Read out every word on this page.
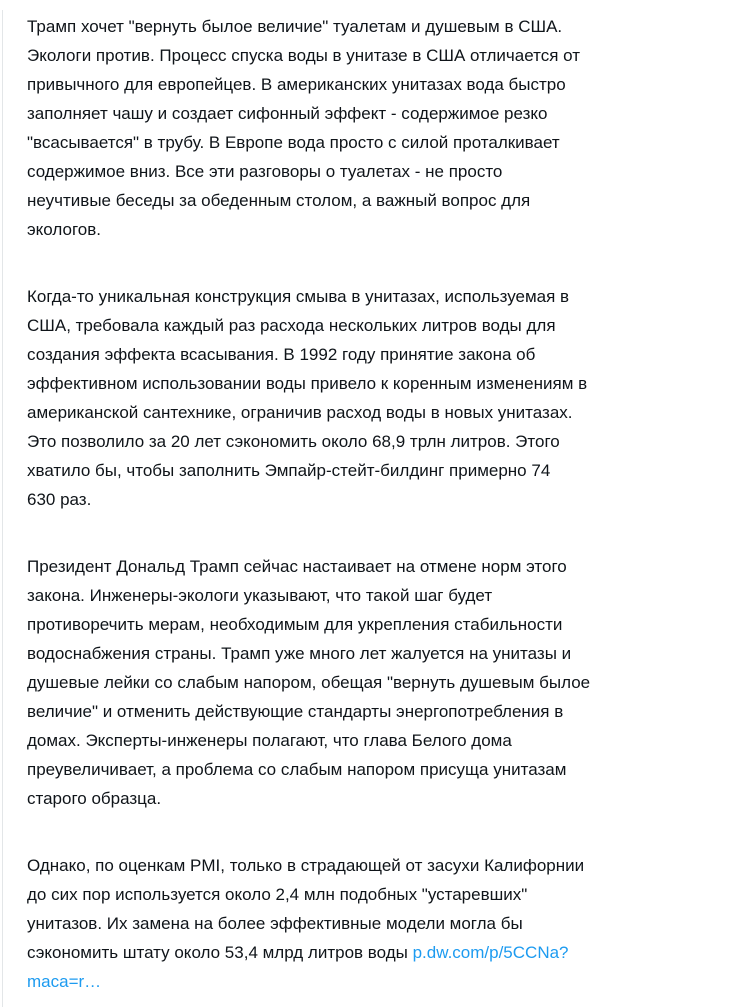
Трамп хочет "вернуть былое величие" туалетам и душевым в США.
Экологи против. Процесс спуска воды в унитазе в США отличается от
привычного для европейцев. В американских унитазах вода быстро
заполняет чашу и создает сифонный эффект - содержимое резко
"всасывается" в трубу. В Европе вода просто с силой проталкивает
содержимое вниз. Все эти разговоры о туалетах - не просто
неучтивые беседы за обеденным столом, а важный вопрос для
экологов.

Когда-то уникальная конструкция смыва в унитазах, используемая в
США, требовала каждый раз расхода нескольких литров воды для
создания эффекта всасывания. В 1992 году принятие закона об
эффективном использовании воды привело к коренным изменениям в
американской сантехнике, ограничив расход воды в новых унитазах.
Это позволило за 20 лет сэкономить около 68,9 трлн литров. Этого
хватило бы, чтобы заполнить Эмпайр-стейт-билдинг примерно 74
630 раз.

Президент Дональд Трамп сейчас настаивает на отмене норм этого
закона. Инженеры-экологи указывают, что такой шаг будет
противоречить мерам, необходимым для укрепления стабильности
водоснабжения страны. Трамп уже много лет жалуется на унитазы и
душевые лейки со слабым напором, обещая "вернуть душевым былое
величие" и отменить действующие стандарты энергопотребления в
домах. Эксперты-инженеры полагают, что глава Белого дома
преувеличивает, а проблема со слабым напором присуща унитазам
старого образца.

Однако, по оценкам PMI, только в страдающей от засухи Калифорнии
до сих пор используется около 2,4 млн подобных "устаревших"
унитазов. Их замена на более эффективные модели могла бы
сэкономить штату около 53,4 млрд литров воды p.dw.com/p/5CCNa?
maca=r…
